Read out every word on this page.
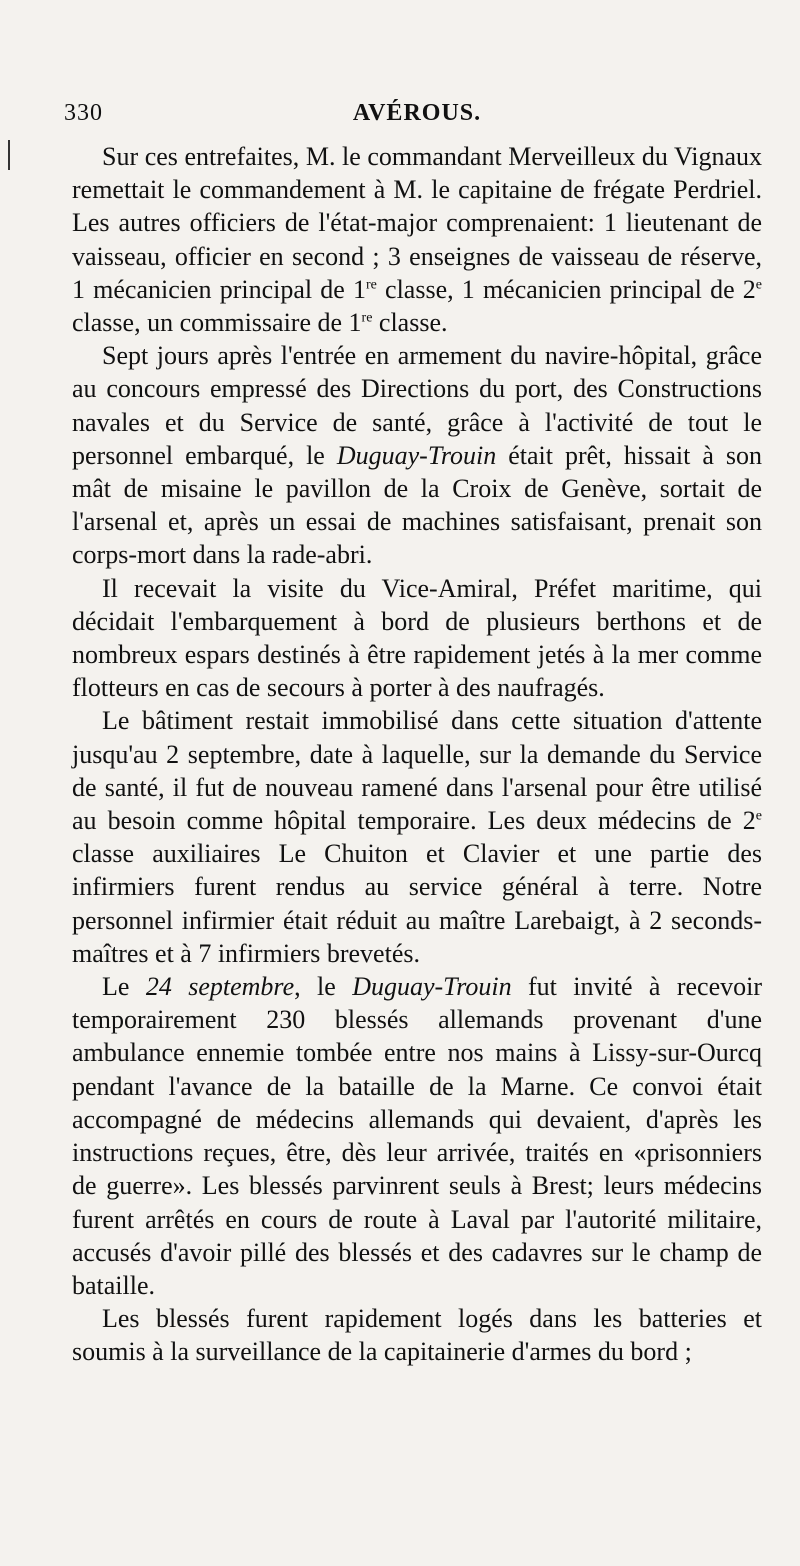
330	AVÉROUS.

Sur ces entrefaites, M. le commandant Merveilleux du Vignaux remettait le commandement à M. le capitaine de frégate Perdriel. Les autres officiers de l'état-major comprenaient: 1 lieutenant de vaisseau, officier en second ; 3 enseignes de vaisseau de réserve, 1 mécanicien principal de 1re classe, 1 mécanicien principal de 2e classe, un commissaire de 1re classe.

Sept jours après l'entrée en armement du navire-hôpital, grâce au concours empressé des Directions du port, des Constructions navales et du Service de santé, grâce à l'activité de tout le personnel embarqué, le Duguay-Trouin était prêt, hissait à son mât de misaine le pavillon de la Croix de Genève, sortait de l'arsenal et, après un essai de machines satisfaisant, prenait son corps-mort dans la rade-abri.

Il recevait la visite du Vice-Amiral, Préfet maritime, qui décidait l'embarquement à bord de plusieurs berthons et de nombreux espars destinés à être rapidement jetés à la mer comme flotteurs en cas de secours à porter à des naufragés.

Le bâtiment restait immobilisé dans cette situation d'attente jusqu'au 2 septembre, date à laquelle, sur la demande du Service de santé, il fut de nouveau ramené dans l'arsenal pour être utilisé au besoin comme hôpital temporaire. Les deux médecins de 2e classe auxiliaires Le Chuiton et Clavier et une partie des infirmiers furent rendus au service général à terre. Notre personnel infirmier était réduit au maître Larebaigt, à 2 seconds-maîtres et à 7 infirmiers brevetés.

Le 24 septembre, le Duguay-Trouin fut invité à recevoir temporairement 230 blessés allemands provenant d'une ambulance ennemie tombée entre nos mains à Lissy-sur-Ourcq pendant l'avance de la bataille de la Marne. Ce convoi était accompagné de médecins allemands qui devaient, d'après les instructions reçues, être, dès leur arrivée, traités en «prisonniers de guerre». Les blessés parvinrent seuls à Brest; leurs médecins furent arrêtés en cours de route à Laval par l'autorité militaire, accusés d'avoir pillé des blessés et des cadavres sur le champ de bataille.

Les blessés furent rapidement logés dans les batteries et soumis à la surveillance de la capitainerie d'armes du bord ;
